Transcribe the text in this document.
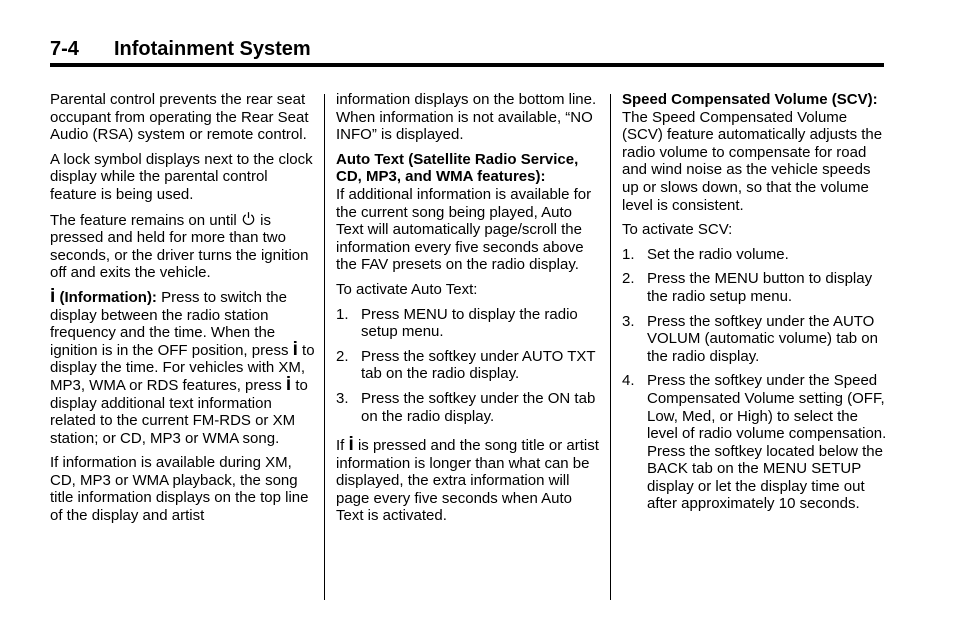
7-4 Infotainment System

Parental control prevents the rear seat occupant from operating the Rear Seat Audio (RSA) system or remote control.

A lock symbol displays next to the clock display while the parental control feature is being used.

The feature remains on until  is pressed and held for more than two seconds, or the driver turns the ignition off and exits the vehicle.

i (Information): Press to switch the display between the radio station frequency and the time. When the ignition is in the OFF position, press i to display the time. For vehicles with XM, MP3, WMA or RDS features, press i to display additional text information related to the current FM-RDS or XM station; or CD, MP3 or WMA song.

If information is available during XM, CD, MP3 or WMA playback, the song title information displays on the top line of the display and artist

information displays on the bottom line. When information is not available, “NO INFO” is displayed.

Auto Text (Satellite Radio Service, CD, MP3, and WMA features):
If additional information is available for the current song being played, Auto Text will automatically page/scroll the information every five seconds above the FAV presets on the radio display.

To activate Auto Text:

1. Press MENU to display the radio setup menu.
2. Press the softkey under AUTO TXT tab on the radio display.
3. Press the softkey under the ON tab on the radio display.

If i is pressed and the song title or artist information is longer than what can be displayed, the extra information will page every five seconds when Auto Text is activated.

Speed Compensated Volume (SCV): The Speed Compensated Volume (SCV) feature automatically adjusts the radio volume to compensate for road and wind noise as the vehicle speeds up or slows down, so that the volume level is consistent.

To activate SCV:

1. Set the radio volume.
2. Press the MENU button to display the radio setup menu.
3. Press the softkey under the AUTO VOLUM (automatic volume) tab on the radio display.
4. Press the softkey under the Speed Compensated Volume setting (OFF, Low, Med, or High) to select the level of radio volume compensation.
Press the softkey located below the BACK tab on the MENU SETUP display or let the display time out after approximately 10 seconds.
